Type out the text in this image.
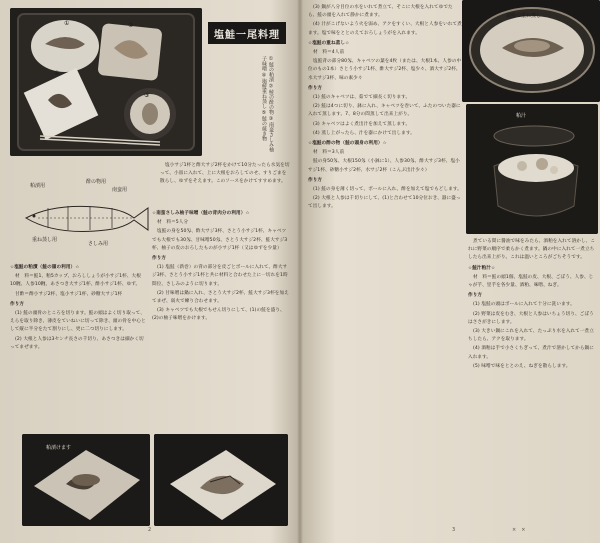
①	②
③
④
塩鮭一尾料理
①鮭の粕漬 ②鮭の酢の物 ③南蛮さしみ柚子味噌 ④塩鮭重ね蒸し ⑤鮭の焼き物
粕漬用
酢の物用
南蛮用
重ね蒸し用
さしみ用

塩小サジ1杯と酢大サジ2杯をかけて10分たったら水気を切って、小皿に入れて、上に大根をおろしてのせ、すりごまを散らし、ゆずをそえます。このソースをかけてすすめます。

☆塩鮭の粕漬（鮭の頭の利用）☆

材　料＝鮭1、粕5カップ、おろししょうが小サジ1杯、大根10糎、人参10糎、あさつき大サジ1杯、酢小サジ1杯、ゆず。

甘酢＝酢小サジ2杯、塩小サジ1杯、砂糖大サジ1杯

作り方

(1) 鮭の頭骨のところを切ります。鮭の頭はよく切り取って、えらを取り除き、薄皮をていねいに切って除き、頭の骨を中心として縦に半分をたて割りにし、更に二つ切りにします。

(2) 大根と人参は3センチ長さの千切り、あさつきは細かく切ってまぜます。

☆南蛮さしみ柚子味噌（鮭の背肉分の利用）☆

材　料＝5人分

塩鮭の身を50匁、酢大サジ3杯、さとう小サジ1杯、キャベツでも大根でも30匁、甘味噌50匁、さとう大サジ2杯、鮭大サジ3杯、柚子の皮のおろしたものが小サジ1杯（又はゆずを少量）

作り方

(1) 塩鮭（新巻）の背の部分を皮ごとボールに入れて、酢大サジ3杯、さとう小サジ1杯と共に材料と合わせた上に一切れを1時間位、さしみのように切ります。

(2) 甘味噌は鍋に入れ、さとう大サジ2杯、鮭大サジ3杯を加えてまぜ、弱火で練り合わせます。

(3) キャベツでも大根でもせん切りにして、(1)の鮭を盛り、(2)の柚子味噌をかけます。

粕漬けます
南蛮さしみ柚子味噌
2

(3) 鍋が八分目位の水をいれて煮立て、そこに大根を入れてゆでたら、鮭の頭を入れて静かに煮ます。

(4) 汁がこげないよう火を弱め、アクをすくい、大根と人参をいれて煮ます。塩で味をととのえておろしょうがを入れます。

☆塩鮭の重ね蒸し☆

材　料＝4人前

塩鮭背の部分80匁、キャベツの葉を4枚（または、大根1本、人参の中位のもの1本）さとう小サジ1杯、酢大サジ2杯、塩少々、酒大サジ2杯、水大サジ3杯、味の素少々

作り方

(1) 鮭のキャベツは、茹でて細長く切ります。

(2) 鮭は4つに切り、鉢に入れ、キャベツを巻いて、ふたのついた器に入れて蒸します。7、8分の間蒸して出来上がり。

(3) キャベツはよく煮出汁を加えて蒸します。

(4) 蒸し上がったら、汁を器にかけて出します。

☆塩鮭の酢の物（鮭の頭身の利用）☆

材　料＝3人前

鮭の身50匁、大根150匁（小鉢に1）、人参30匁、酢大サジ3杯、塩小サジ1杯、砂糖小サジ2杯、水サジ2杯（こんぶ出汁少々）

作り方

(1) 鮭の身を薄く切って、ボールに入れ、酢を加えて塩でもどします。

(2) 大根と人参は千切りにして、(1)と合わせて10分位おき、器に盛って出します。

塩鮭の重ね蒸し
粕汁

煮ている間に醤油で味をみたら、酒粕を入れて溶かし、これに野菜の順序で柔らかく煮ます。鍋の中に入れて一煮立ちしたら出来上がり。これは温いところがごちそうです。

☆鮭汁粕汁☆

材　料＝鮭の頭1個、塩鮭の皮、大根、ごぼう、人参、じゃが芋、里芋を各少量、酒粕、味噌、ねぎ。

作り方

(1) 塩鮭の頭はボールに入れて十分に洗います。

(2) 野菜は皮をむき、大根と人参はいちょう切り、ごぼうはささがきにします。

(3) 大きい鍋にこれを入れて、たっぷり水を入れて一煮立ちしたら、アクを取ります。

(4) 酒粕は手で小さくちぎって、煮汁で溶かしてから鍋に入れます。

(5) 味噌で味をととのえ、ねぎを散らします。

3	×　×
